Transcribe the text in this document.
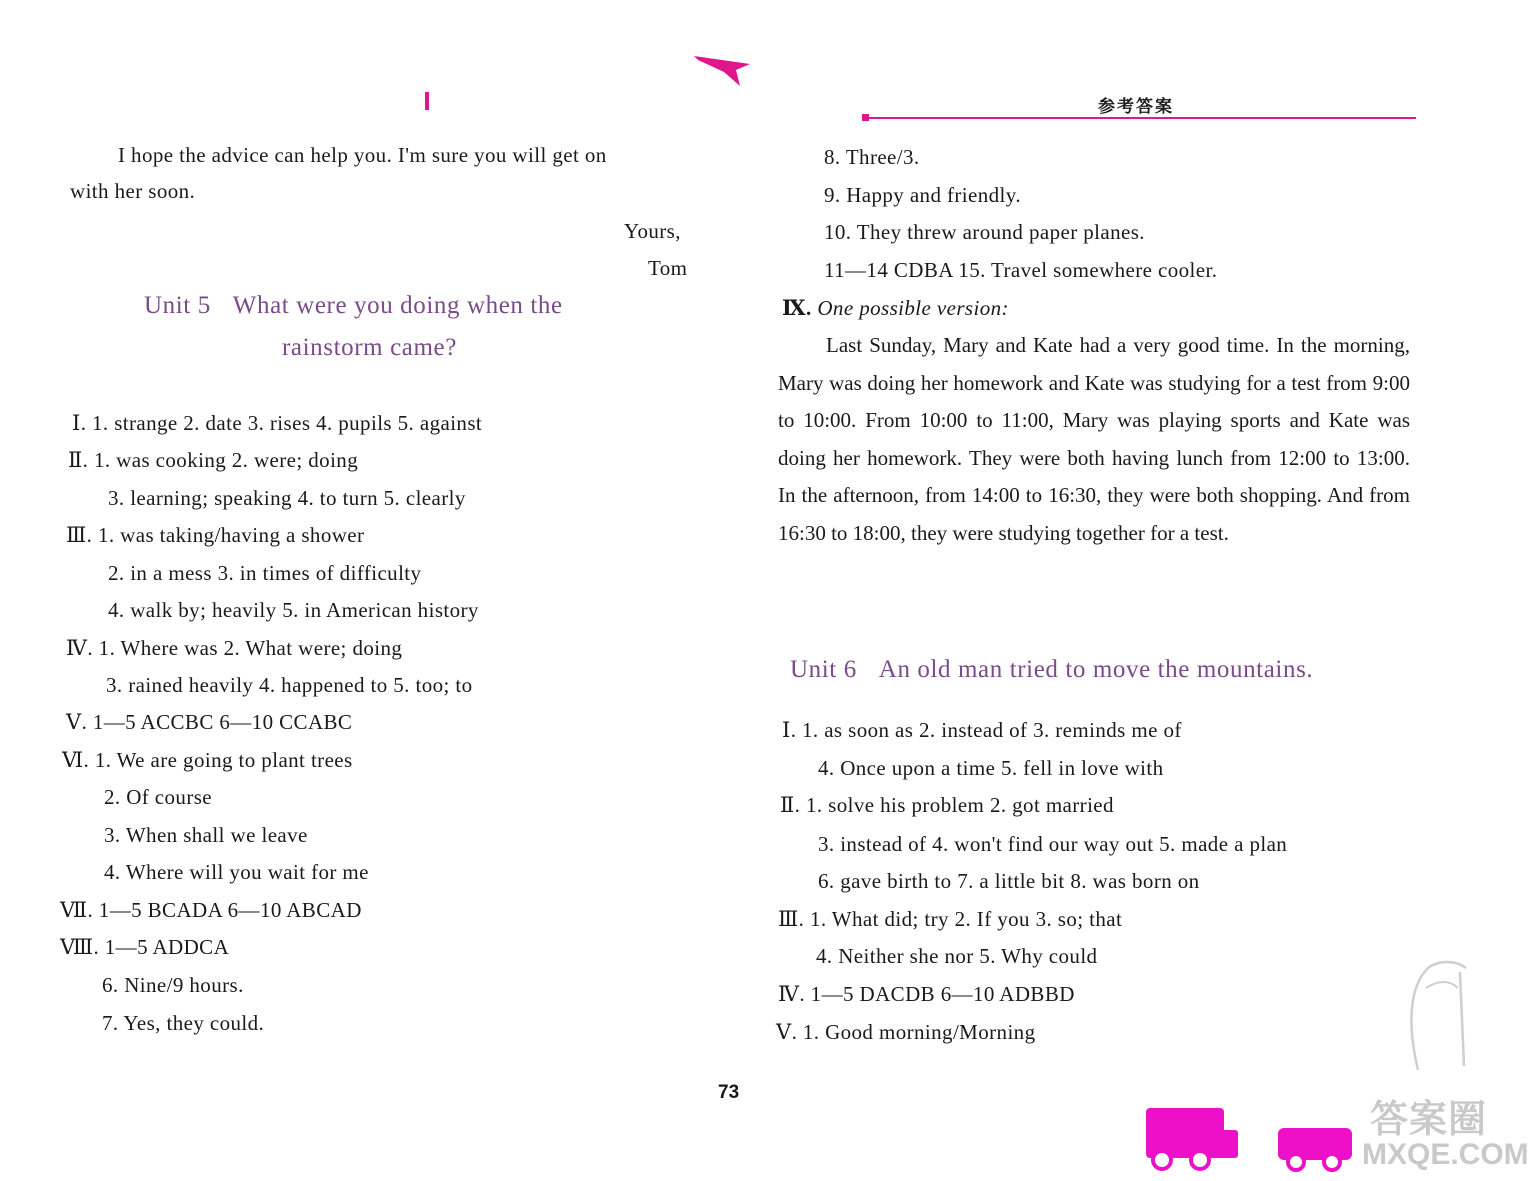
参考答案
I hope the advice can help you. I'm sure you will get on
with her soon.
Yours,
Tom
Unit 5 What were you doing when the
rainstorm came?
Ⅰ. 1. strange 2. date 3. rises 4. pupils 5. against
Ⅱ. 1. was cooking 2. were; doing
3. learning; speaking 4. to turn 5. clearly
Ⅲ. 1. was taking/having a shower
2. in a mess 3. in times of difficulty
4. walk by; heavily 5. in American history
Ⅳ. 1. Where was 2. What were; doing
3. rained heavily 4. happened to 5. too; to
Ⅴ. 1—5 ACCBC 6—10 CCABC
Ⅵ. 1. We are going to plant trees
2. Of course
3. When shall we leave
4. Where will you wait for me
Ⅶ. 1—5 BCADA 6—10 ABCAD
Ⅷ. 1—5 ADDCA
6. Nine/9 hours.
7. Yes, they could.
8. Three/3.
9. Happy and friendly.
10. They threw around paper planes.
11—14 CDBA 15. Travel somewhere cooler.
Ⅸ. One possible version:
Last Sunday, Mary and Kate had a very good time. In the morning, Mary was doing her homework and Kate was studying for a test from 9:00 to 10:00. From 10:00 to 11:00, Mary was playing sports and Kate was doing her homework. They were both having lunch from 12:00 to 13:00. In the afternoon, from 14:00 to 16:30, they were both shopping. And from 16:30 to 18:00, they were studying together for a test.
Unit 6 An old man tried to move the mountains.
Ⅰ. 1. as soon as 2. instead of 3. reminds me of
4. Once upon a time 5. fell in love with
Ⅱ. 1. solve his problem 2. got married
3. instead of 4. won't find our way out 5. made a plan
6. gave birth to 7. a little bit 8. was born on
Ⅲ. 1. What did; try 2. If you 3. so; that
4. Neither she nor 5. Why could
Ⅳ. 1—5 DACDB 6—10 ADBBD
Ⅴ. 1. Good morning/Morning
73
答案圈
MXQE.COM
